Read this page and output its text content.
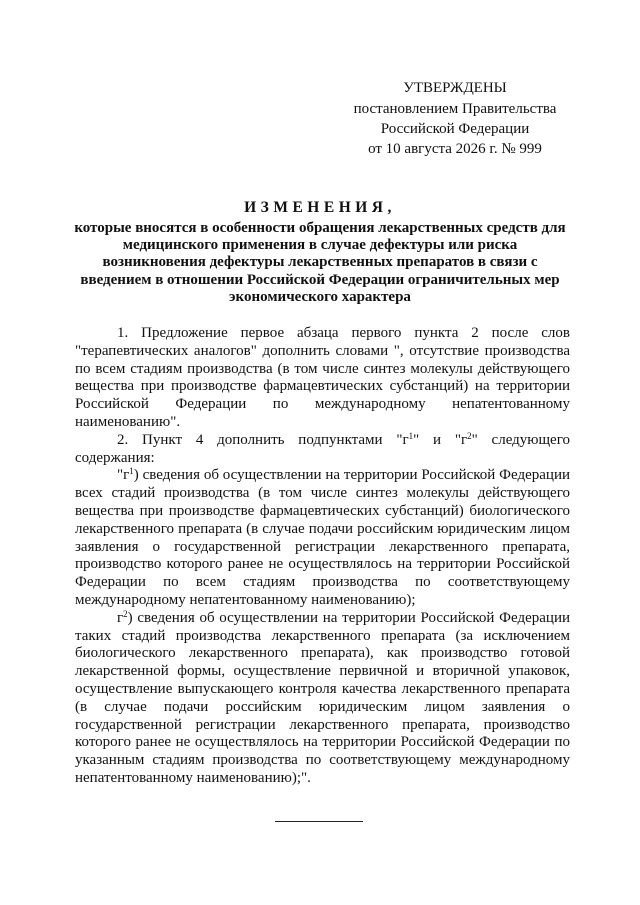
УТВЕРЖДЕНЫ
постановлением Правительства
Российской Федерации
от 10 августа 2026 г. № 999
ИЗМЕНЕНИЯ,
которые вносятся в особенности обращения лекарственных средств для медицинского применения в случае дефектуры или риска возникновения дефектуры лекарственных препаратов в связи с введением в отношении Российской Федерации ограничительных мер экономического характера

1. Предложение первое абзаца первого пункта 2 после слов "терапевтических аналогов" дополнить словами ", отсутствие производства по всем стадиям производства (в том числе синтез молекулы действующего вещества при производстве фармацевтических субстанций) на территории Российской Федерации по международному непатентованному наименованию".

2. Пункт 4 дополнить подпунктами "$г^1$" и "$г^2$" следующего содержания:

"$г^1$) сведения об осуществлении на территории Российской Федерации всех стадий производства (в том числе синтез молекулы действующего вещества при производстве фармацевтических субстанций) биологического лекарственного препарата (в случае подачи российским юридическим лицом заявления о государственной регистрации лекарственного препарата, производство которого ранее не осуществлялось на территории Российской Федерации по всем стадиям производства по соответствующему международному непатентованному наименованию);

$г^2$) сведения об осуществлении на территории Российской Федерации таких стадий производства лекарственного препарата (за исключением биологического лекарственного препарата), как производство готовой лекарственной формы, осуществление первичной и вторичной упаковок, осуществление выпускающего контроля качества лекарственного препарата (в случае подачи российским юридическим лицом заявления о государственной регистрации лекарственного препарата, производство которого ранее не осуществлялось на территории Российской Федерации по указанным стадиям производства по соответствующему международному непатентованному наименованию);".
